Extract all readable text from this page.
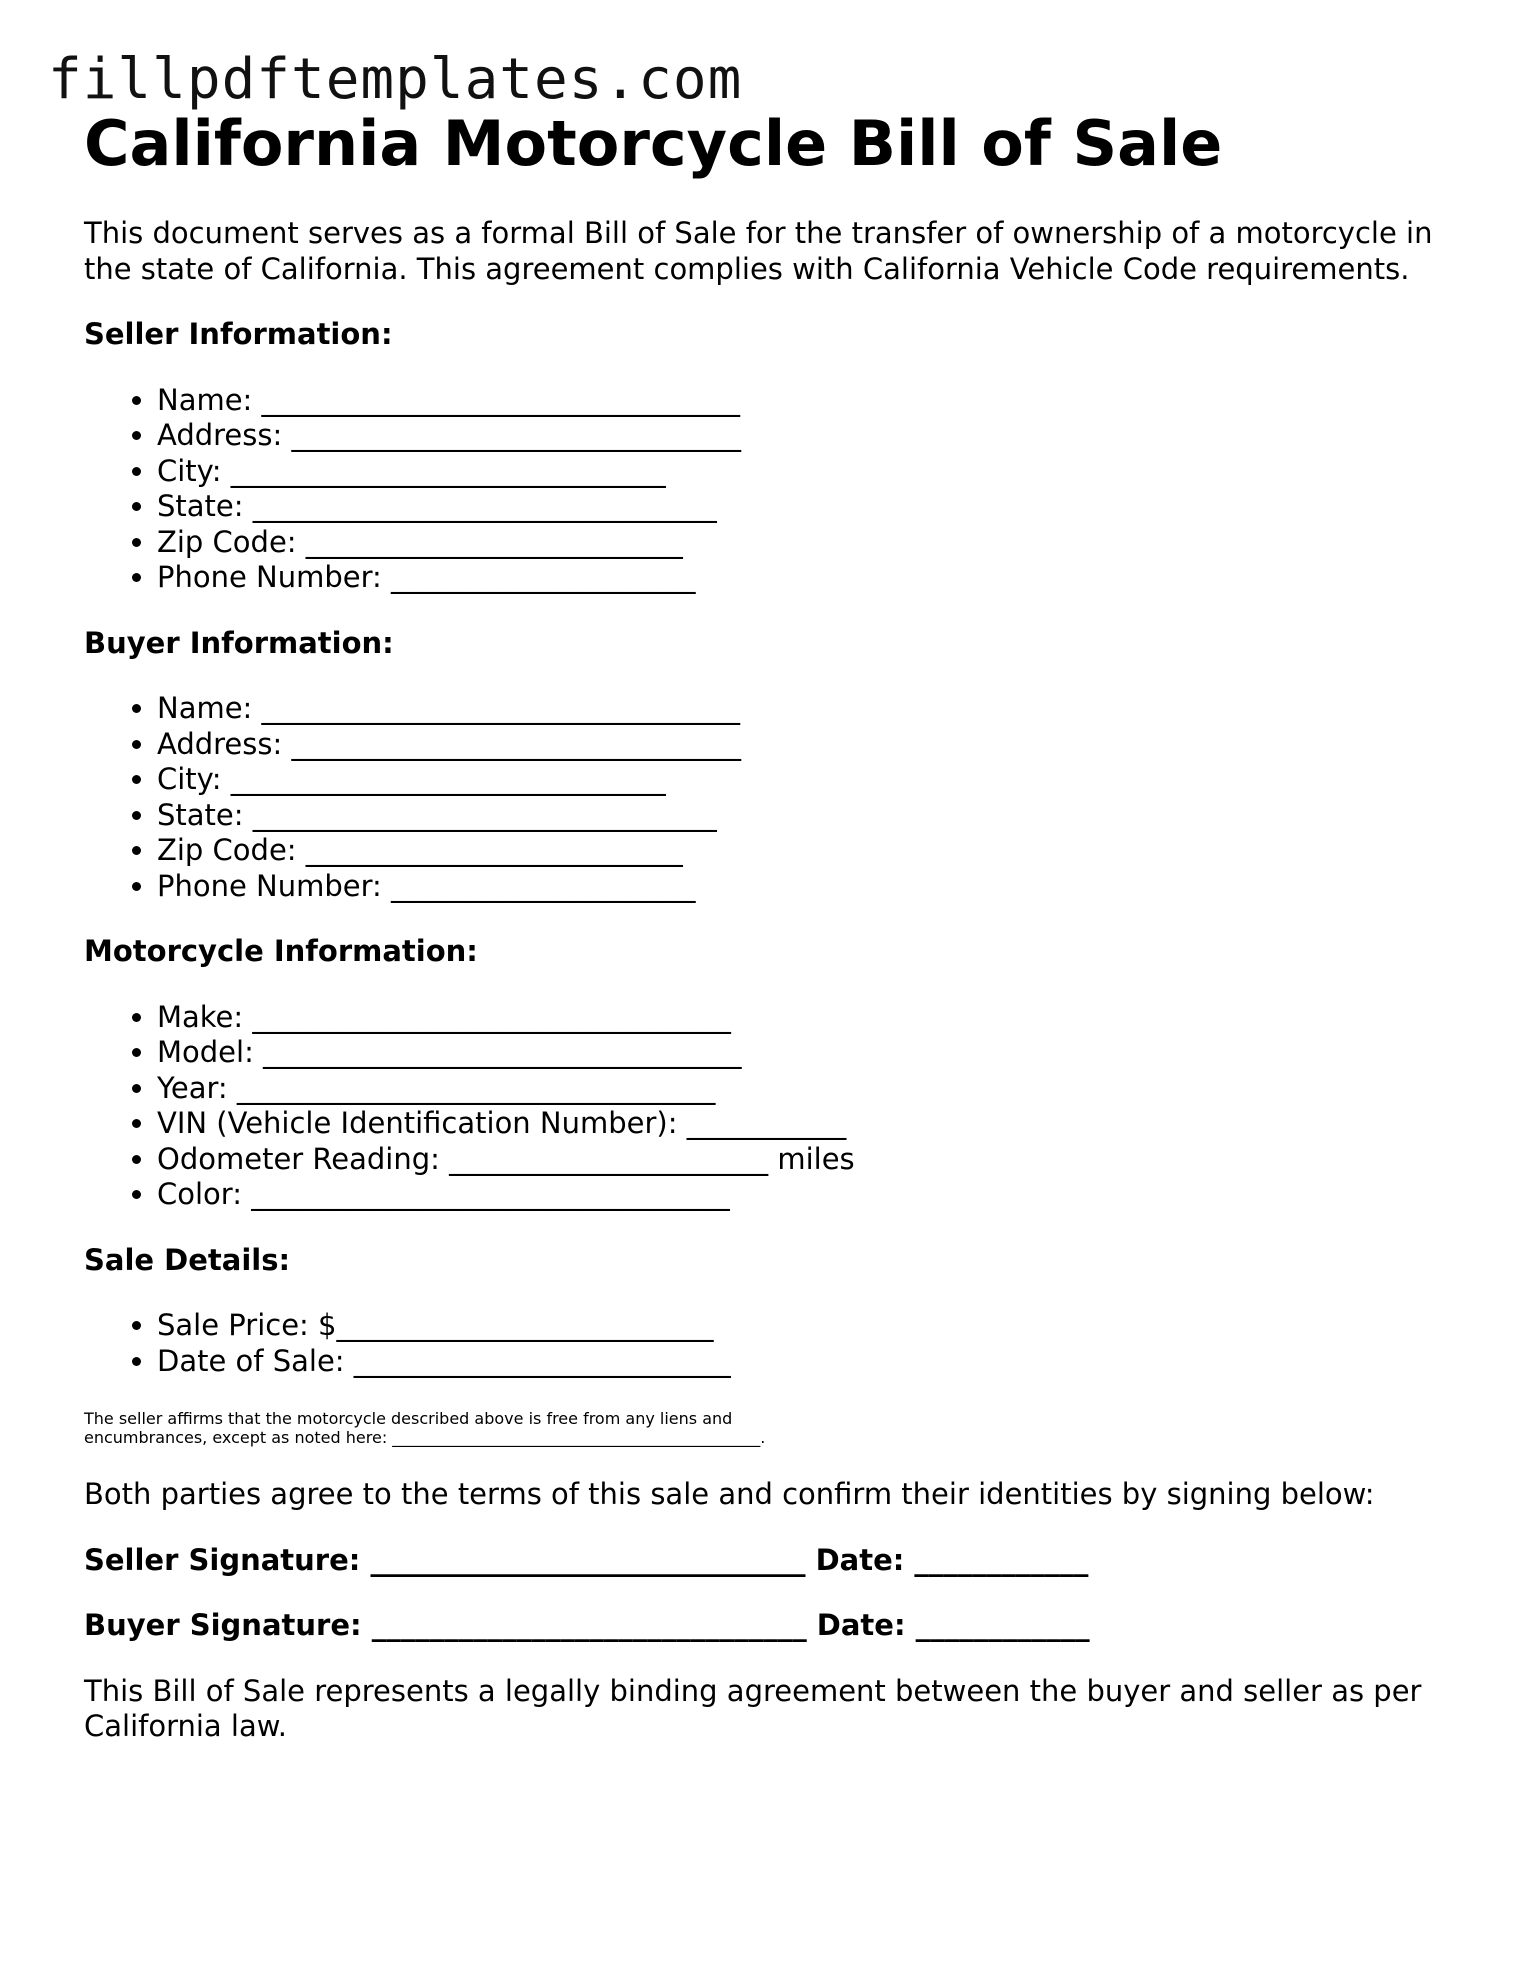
fillpdftemplates.com
California Motorcycle Bill of Sale

This document serves as a formal Bill of Sale for the transfer of ownership of a motorcycle in the state of California. This agreement complies with California Vehicle Code requirements.

Seller Information:

• Name: _________________________________
• Address: _______________________________
• City: ______________________________
• State: ________________________________
• Zip Code: __________________________
• Phone Number: _____________________

Buyer Information:

• Name: _________________________________
• Address: _______________________________
• City: ______________________________
• State: ________________________________
• Zip Code: __________________________
• Phone Number: _____________________

Motorcycle Information:

• Make: _________________________________
• Model: _________________________________
• Year: _________________________________
• VIN (Vehicle Identification Number): ___________
• Odometer Reading: ______________________ miles
• Color: _________________________________

Sale Details:

• Sale Price: $__________________________
• Date of Sale: __________________________
The seller affirms that the motorcycle described above is free from any liens and
encumbrances, except as noted here: ______________________________________________.

Both parties agree to the terms of this sale and confirm their identities by signing below:

Seller Signature: ______________________________ Date: ____________

Buyer Signature: ______________________________ Date: ____________

This Bill of Sale represents a legally binding agreement between the buyer and seller as per California law.
